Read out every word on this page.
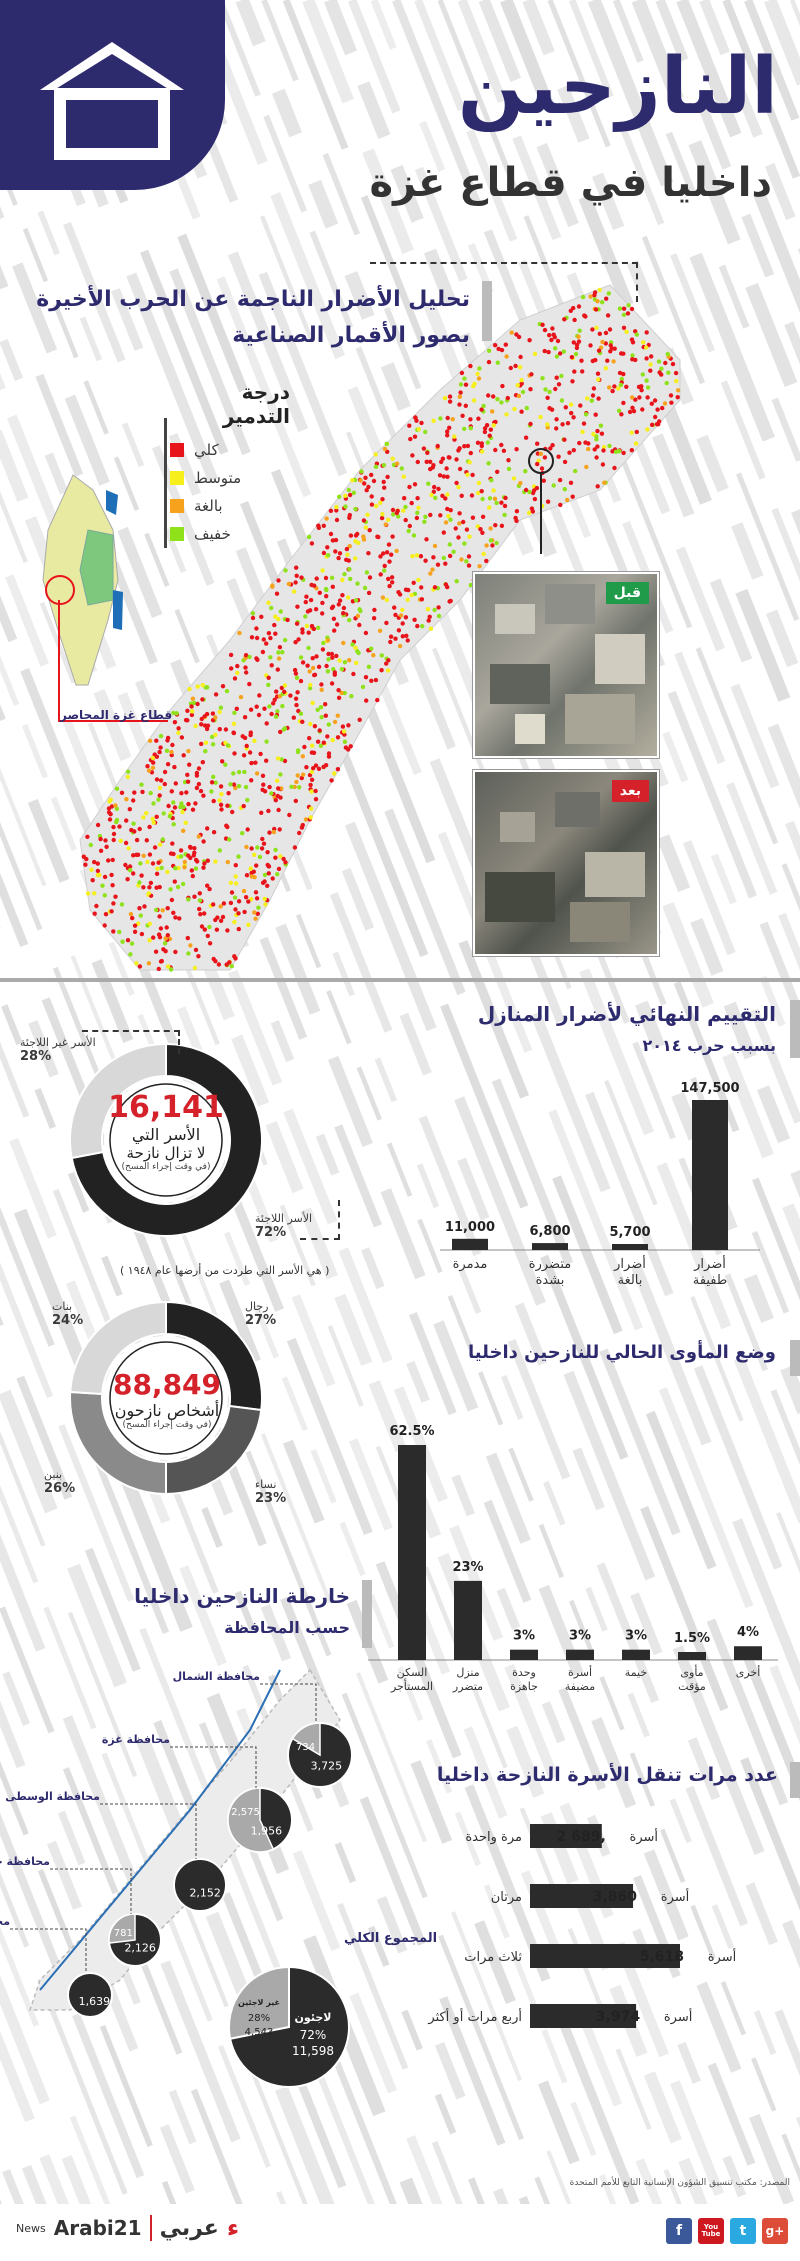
النازحين
داخليا في قطاع غزة
تحليل الأضرار الناجمة عن الحرب الأخيرة
بصور الأقمار الصناعية
درجة التدمير
كلي
متوسط
بالغة
خفيف
قطاع غزة المحاصر
قبل
بعد
التقييم النهائي لأضرار المنازل
بسبب حرب ٢٠١٤
147,500
أضرار
طفيفة
5,700
أضرار
بالغة
6,800
متضررة
بشدة
11,000
مدمرة
16,141
الأسر التي
لا تزال نازحة
(في وقت إجراء المسح)
الأسر غير اللاجئة
28%
الأسر اللاجئة
72%
( هي الأسر التي طردت من أرضها عام ١٩٤٨ )
88,849
أشخاص نازحون
(في وقت إجراء المسح)
رجال
27%
نساء
23%
بنين
26%
بنات
24%
وضع المأوى الحالي للنازحين داخليا
4%
أخرى
1.5%
مأوى
مؤقت
3%
خيمة
3%
أسرة
مضيفة
3%
وحدة
جاهزة
23%
منزل
متضرر
62.5%
السكن
المستأجر
خارطة النازحين داخليا
حسب المحافظة
3,725
734
محافظة الشمال
1,956
2,575
محافظة غزة
2,152
محافظة الوسطى
2,126
781
محافظة
1,639
م
عدد مرات تنقل الأسرة النازحة داخليا
أسرة
2 689,
مرة واحدة
أسرة
3,860
مرتان
أسرة
5,618
ثلاث مرات
أسرة
3,974
أربع مرات أو أكثر
المصدر: مكتب تنسيق الشؤون الإنسانية التابع للأمم المتحدة
ء
عربي
Arabi21
News	f	You Tube	t	g+
المجموع الكلي
لاجئون
72%
11,598
غير لاجئين
28%
4,543
